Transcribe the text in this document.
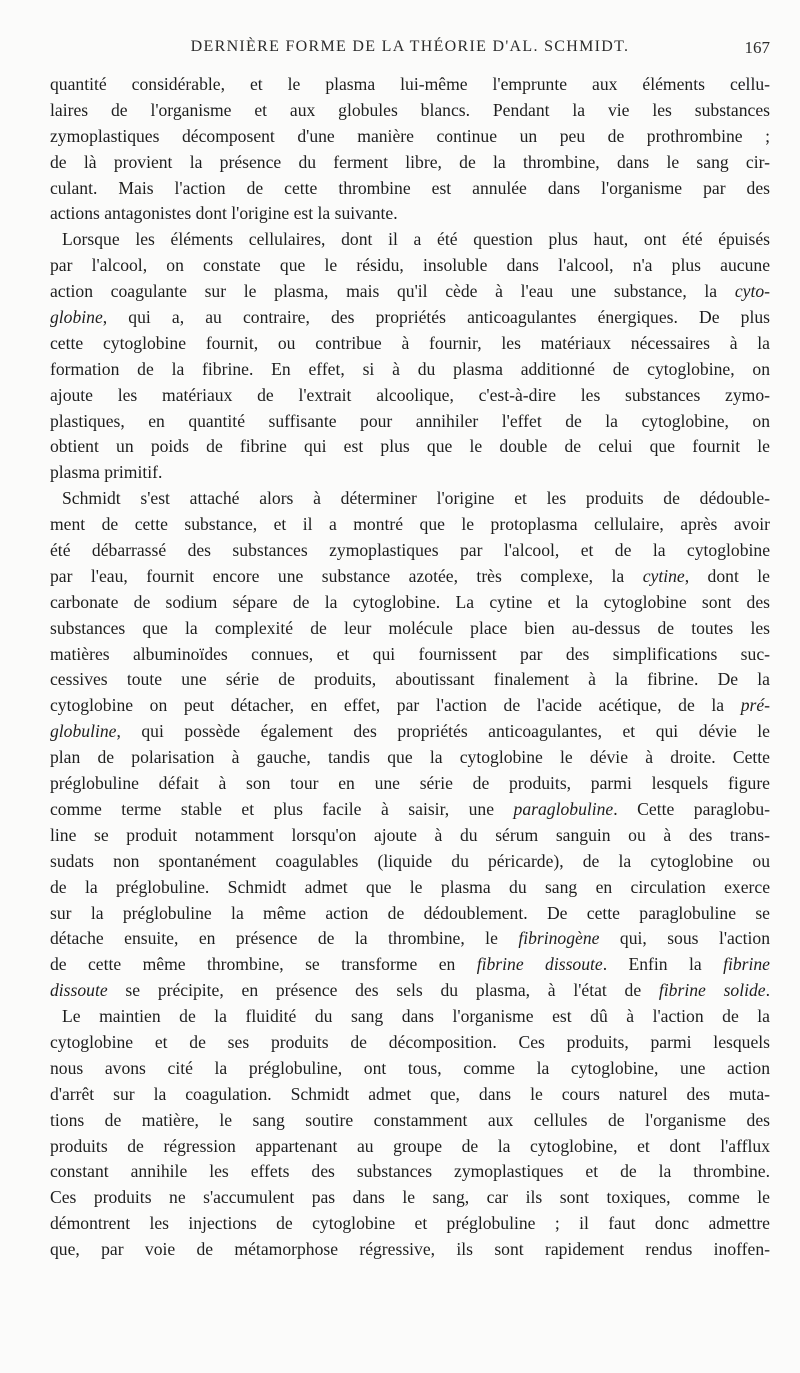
DERNIÈRE FORME DE LA THÉORIE D'AL. SCHMIDT.	167
quantité considérable, et le plasma lui-même l'emprunte aux éléments cellu-
laires de l'organisme et aux globules blancs. Pendant la vie les substances
zymoplastiques décomposent d'une manière continue un peu de prothrombine ;
de là provient la présence du ferment libre, de la thrombine, dans le sang cir-
culant. Mais l'action de cette thrombine est annulée dans l'organisme par des
actions antagonistes dont l'origine est la suivante.
Lorsque les éléments cellulaires, dont il a été question plus haut, ont été épuisés
par l'alcool, on constate que le résidu, insoluble dans l'alcool, n'a plus aucune
action coagulante sur le plasma, mais qu'il cède à l'eau une substance, la cyto-
globine, qui a, au contraire, des propriétés anticoagulantes énergiques. De plus
cette cytoglobine fournit, ou contribue à fournir, les matériaux nécessaires à la
formation de la fibrine. En effet, si à du plasma additionné de cytoglobine, on
ajoute les matériaux de l'extrait alcoolique, c'est-à-dire les substances zymo-
plastiques, en quantité suffisante pour annihiler l'effet de la cytoglobine, on
obtient un poids de fibrine qui est plus que le double de celui que fournit le
plasma primitif.
Schmidt s'est attaché alors à déterminer l'origine et les produits de dédouble-
ment de cette substance, et il a montré que le protoplasma cellulaire, après avoir
été débarrassé des substances zymoplastiques par l'alcool, et de la cytoglobine
par l'eau, fournit encore une substance azotée, très complexe, la cytine, dont le
carbonate de sodium sépare de la cytoglobine. La cytine et la cytoglobine sont des
substances que la complexité de leur molécule place bien au-dessus de toutes les
matières albuminoïdes connues, et qui fournissent par des simplifications suc-
cessives toute une série de produits, aboutissant finalement à la fibrine. De la
cytoglobine on peut détacher, en effet, par l'action de l'acide acétique, de la pré-
globuline, qui possède également des propriétés anticoagulantes, et qui dévie le
plan de polarisation à gauche, tandis que la cytoglobine le dévie à droite. Cette
préglobuline défait à son tour en une série de produits, parmi lesquels figure
comme terme stable et plus facile à saisir, une paraglobuline. Cette paraglobu-
line se produit notamment lorsqu'on ajoute à du sérum sanguin ou à des trans-
sudats non spontanément coagulables (liquide du péricarde), de la cytoglobine ou
de la préglobuline. Schmidt admet que le plasma du sang en circulation exerce
sur la préglobuline la même action de dédoublement. De cette paraglobuline se
détache ensuite, en présence de la thrombine, le fibrinogène qui, sous l'action
de cette même thrombine, se transforme en fibrine dissoute. Enfin la fibrine
dissoute se précipite, en présence des sels du plasma, à l'état de fibrine solide.
Le maintien de la fluidité du sang dans l'organisme est dû à l'action de la
cytoglobine et de ses produits de décomposition. Ces produits, parmi lesquels
nous avons cité la préglobuline, ont tous, comme la cytoglobine, une action
d'arrêt sur la coagulation. Schmidt admet que, dans le cours naturel des muta-
tions de matière, le sang soutire constamment aux cellules de l'organisme des
produits de régression appartenant au groupe de la cytoglobine, et dont l'afflux
constant annihile les effets des substances zymoplastiques et de la thrombine.
Ces produits ne s'accumulent pas dans le sang, car ils sont toxiques, comme le
démontrent les injections de cytoglobine et préglobuline ; il faut donc admettre
que, par voie de métamorphose régressive, ils sont rapidement rendus inoffen-
